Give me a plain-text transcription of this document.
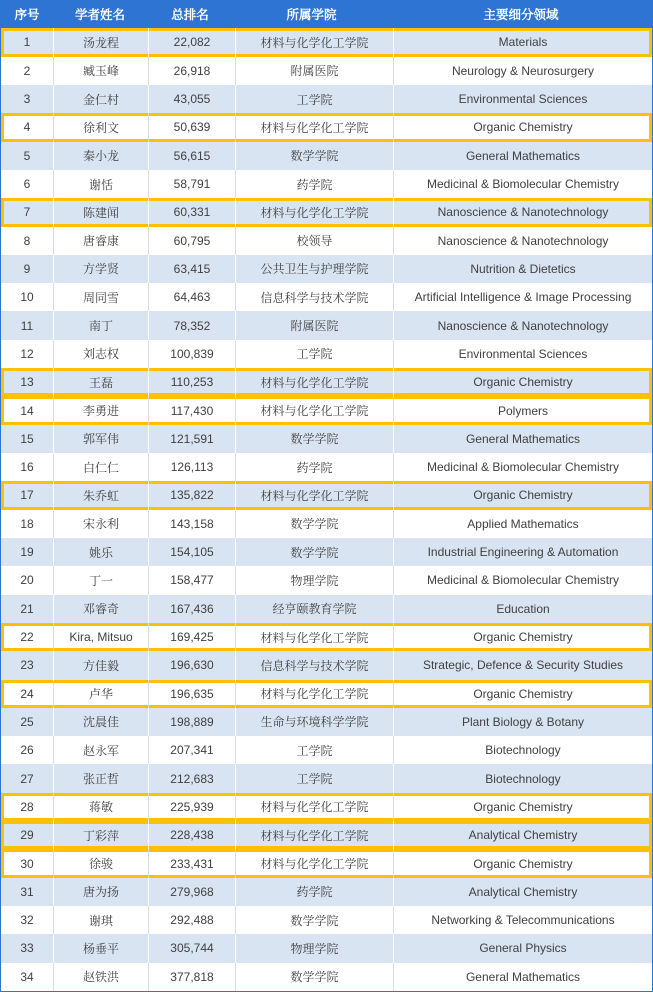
序号	学者姓名	总排名	所属学院	主要细分领域
1	汤龙程	22,082	材料与化学化工学院	Materials
2	臧玉峰	26,918	附属医院	Neurology & Neurosurgery
3	金仁村	43,055	工学院	Environmental Sciences
4	徐利文	50,639	材料与化学化工学院	Organic Chemistry
5	秦小龙	56,615	数学学院	General Mathematics
6	谢恬	58,791	药学院	Medicinal & Biomolecular Chemistry
7	陈建闻	60,331	材料与化学化工学院	Nanoscience & Nanotechnology
8	唐睿康	60,795	校领导	Nanoscience & Nanotechnology
9	方学贤	63,415	公共卫生与护理学院	Nutrition & Dietetics
10	周同雪	64,463	信息科学与技术学院	Artificial Intelligence & Image Processing
11	南丁	78,352	附属医院	Nanoscience & Nanotechnology
12	刘志权	100,839	工学院	Environmental Sciences
13	王磊	110,253	材料与化学化工学院	Organic Chemistry
14	李勇进	117,430	材料与化学化工学院	Polymers
15	郭军伟	121,591	数学学院	General Mathematics
16	白仁仁	126,113	药学院	Medicinal & Biomolecular Chemistry
17	朱乔虹	135,822	材料与化学化工学院	Organic Chemistry
18	宋永利	143,158	数学学院	Applied Mathematics
19	姚乐	154,105	数学学院	Industrial Engineering & Automation
20	丁一	158,477	物理学院	Medicinal & Biomolecular Chemistry
21	邓睿奇	167,436	经亨颐教育学院	Education
22	Kira, Mitsuo	169,425	材料与化学化工学院	Organic Chemistry
23	方佳毅	196,630	信息科学与技术学院	Strategic, Defence & Security Studies
24	卢华	196,635	材料与化学化工学院	Organic Chemistry
25	沈晨佳	198,889	生命与环境科学学院	Plant Biology & Botany
26	赵永军	207,341	工学院	Biotechnology
27	张正哲	212,683	工学院	Biotechnology
28	蒋敏	225,939	材料与化学化工学院	Organic Chemistry
29	丁彩萍	228,438	材料与化学化工学院	Analytical Chemistry
30	徐骏	233,431	材料与化学化工学院	Organic Chemistry
31	唐为扬	279,968	药学院	Analytical Chemistry
32	谢琪	292,488	数学学院	Networking & Telecommunications
33	杨垂平	305,744	物理学院	General Physics
34	赵铁洪	377,818	数学学院	General Mathematics
